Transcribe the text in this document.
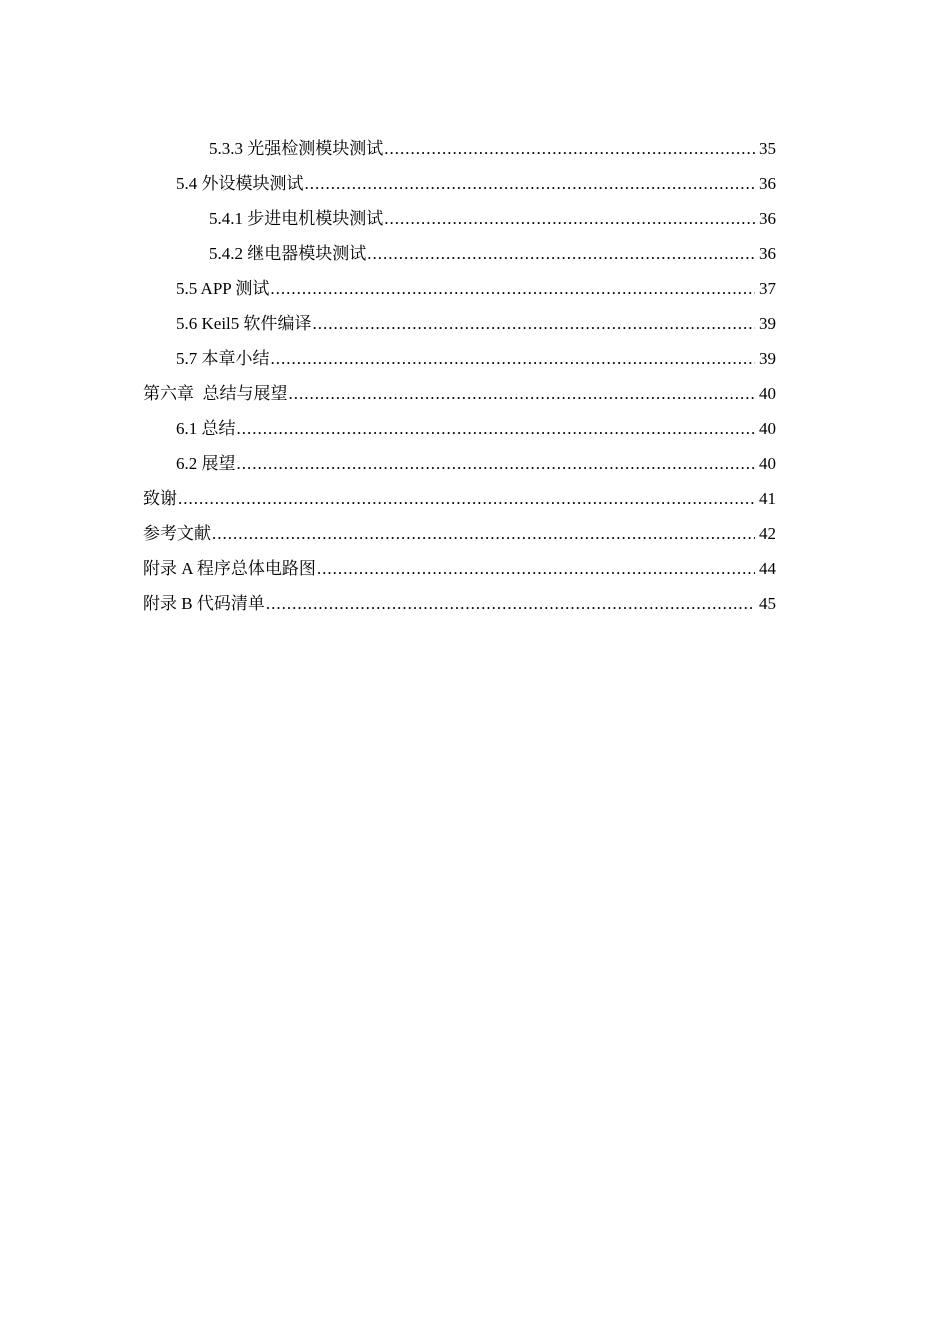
5.3.3 光强检测模块测试 .....	35
5.4 外设模块测试 .....	36
5.4.1 步进电机模块测试 .....	36
5.4.2 继电器模块测试 .....	36
5.5 APP 测试 .....	37
5.6 Keil5 软件编译 .....	39
5.7 本章小结 .....	39
第六章  总结与展望 .....	40
6.1 总结 .....	40
6.2 展望 .....	40
致谢 .....	41
参考文献 .....	42
附录 A 程序总体电路图 .....	44
附录 B 代码清单 .....	45
